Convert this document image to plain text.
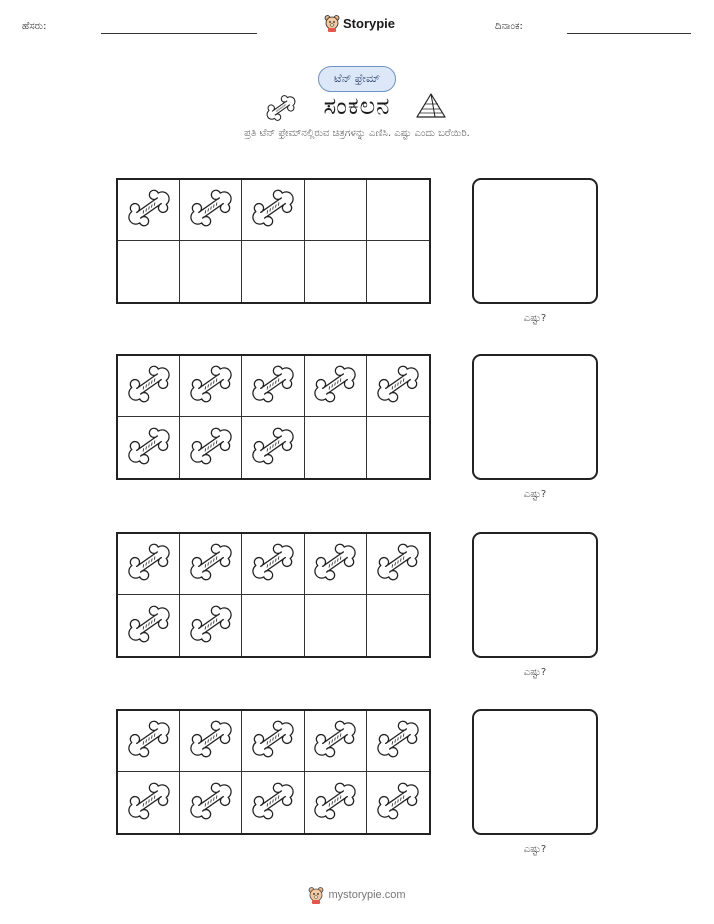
ಹೆಸರು:	Storypie	ದಿನಾಂಕ:
ಟೆನ್ ಫ್ರೇಮ್
ಸಂಕಲನ
ಪ್ರತಿ ಟೆನ್ ಫ್ರೇಮ್‌ನಲ್ಲಿರುವ ಚಿತ್ರಗಳನ್ನು ಎಣಿಸಿ. ಎಷ್ಟು ಎಂದು ಬರೆಯಿರಿ.
ಎಷ್ಟು?
ಎಷ್ಟು?
ಎಷ್ಟು?
ಎಷ್ಟು?
mystorypie.com
